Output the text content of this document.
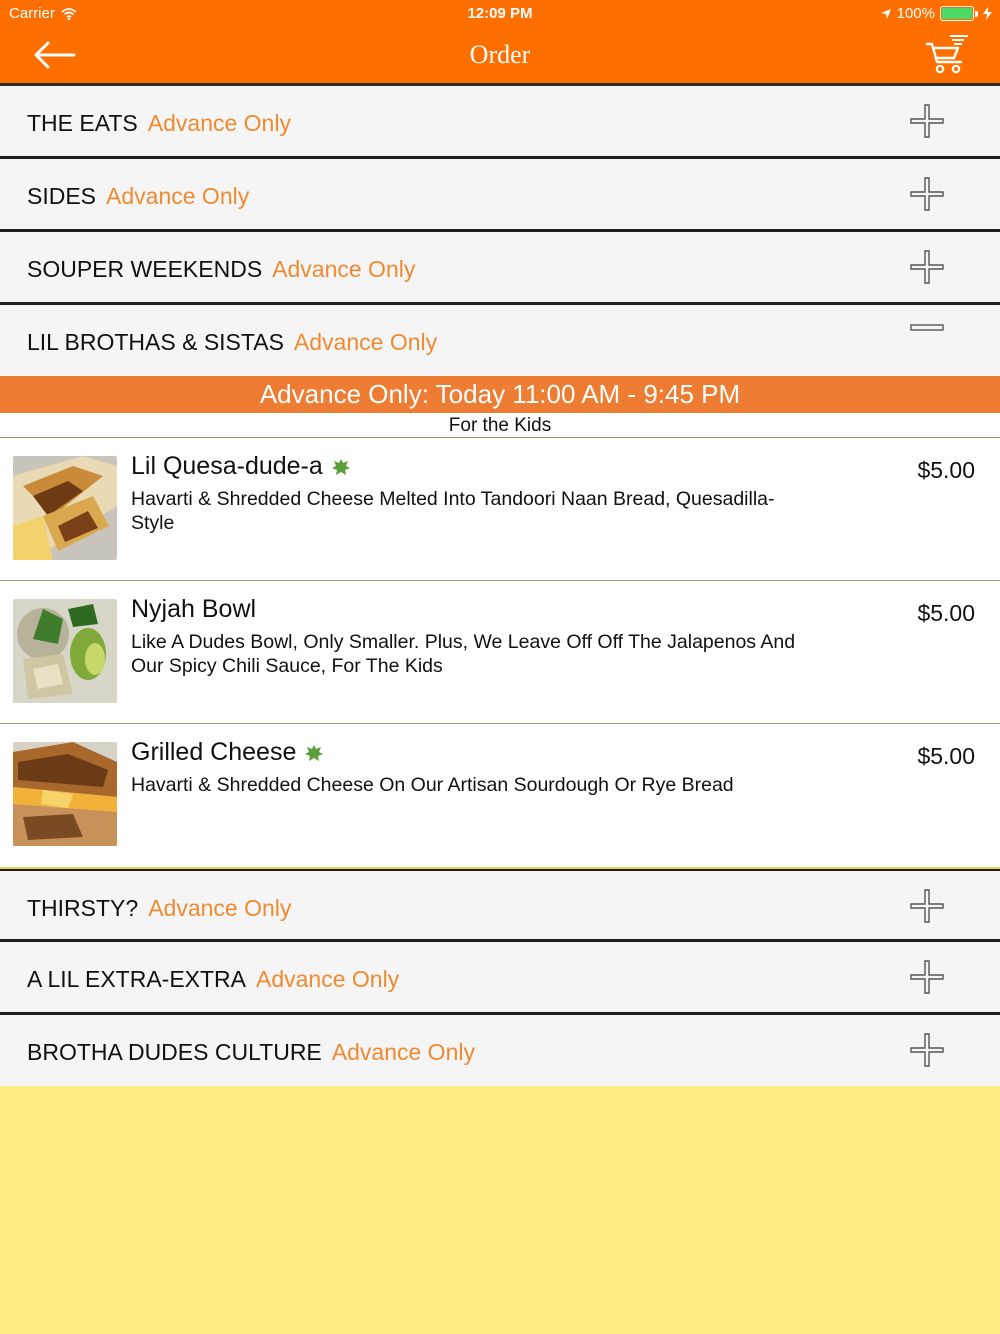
Carrier	12:09 PM	100%
Order
THE EATS Advance Only
SIDES Advance Only
SOUPER WEEKENDS Advance Only
LIL BROTHAS & SISTAS Advance Only
Advance Only: Today 11:00 AM - 9:45 PM
For the Kids
Lil Quesa-dude-a
Havarti & Shredded Cheese Melted Into Tandoori Naan Bread, Quesadilla-Style
$5.00
Nyjah Bowl
Like A Dudes Bowl, Only Smaller. Plus, We Leave Off Off The Jalapenos And Our Spicy Chili Sauce, For The Kids
$5.00
Grilled Cheese
Havarti & Shredded Cheese On Our Artisan Sourdough Or Rye Bread
$5.00
THIRSTY? Advance Only
A LIL EXTRA-EXTRA Advance Only
BROTHA DUDES CULTURE Advance Only
